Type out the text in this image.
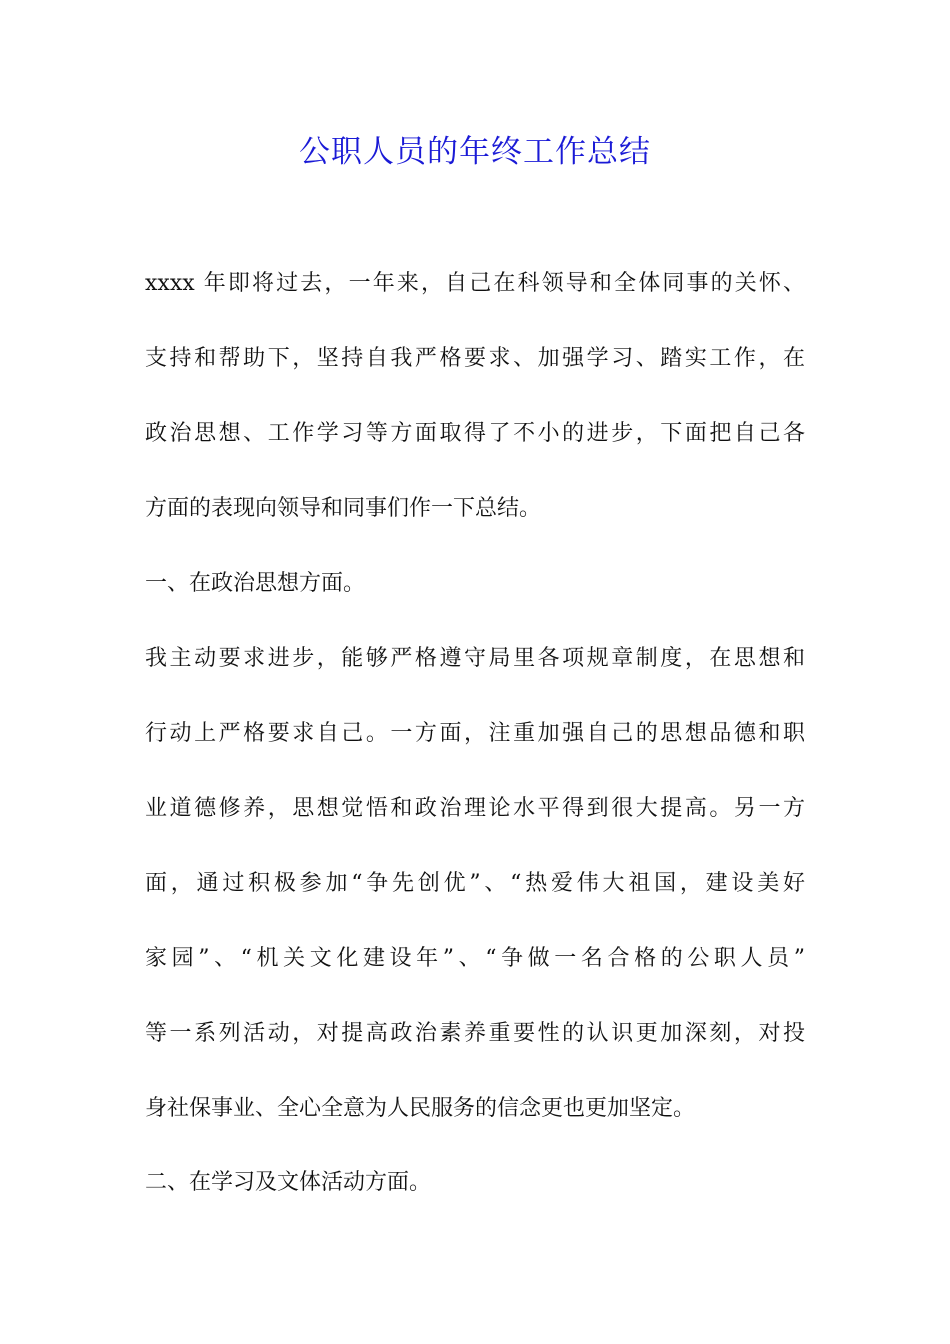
公职人员的年终工作总结

xxxx 年即将过去，一年来，自己在科领导和全体同事的关怀、

支持和帮助下，坚持自我严格要求、加强学习、踏实工作，在

政治思想、工作学习等方面取得了不小的进步，下面把自己各

方面的表现向领导和同事们作一下总结。

一、在政治思想方面。

我主动要求进步，能够严格遵守局里各项规章制度，在思想和

行动上严格要求自己。一方面，注重加强自己的思想品德和职

业道德修养，思想觉悟和政治理论水平得到很大提高。另一方

面，通过积极参加“争先创优”、“热爱伟大祖国，建设美好

家园”、“机关文化建设年”、“争做一名合格的公职人员”

等一系列活动，对提高政治素养重要性的认识更加深刻，对投

身社保事业、全心全意为人民服务的信念更也更加坚定。

二、在学习及文体活动方面。
